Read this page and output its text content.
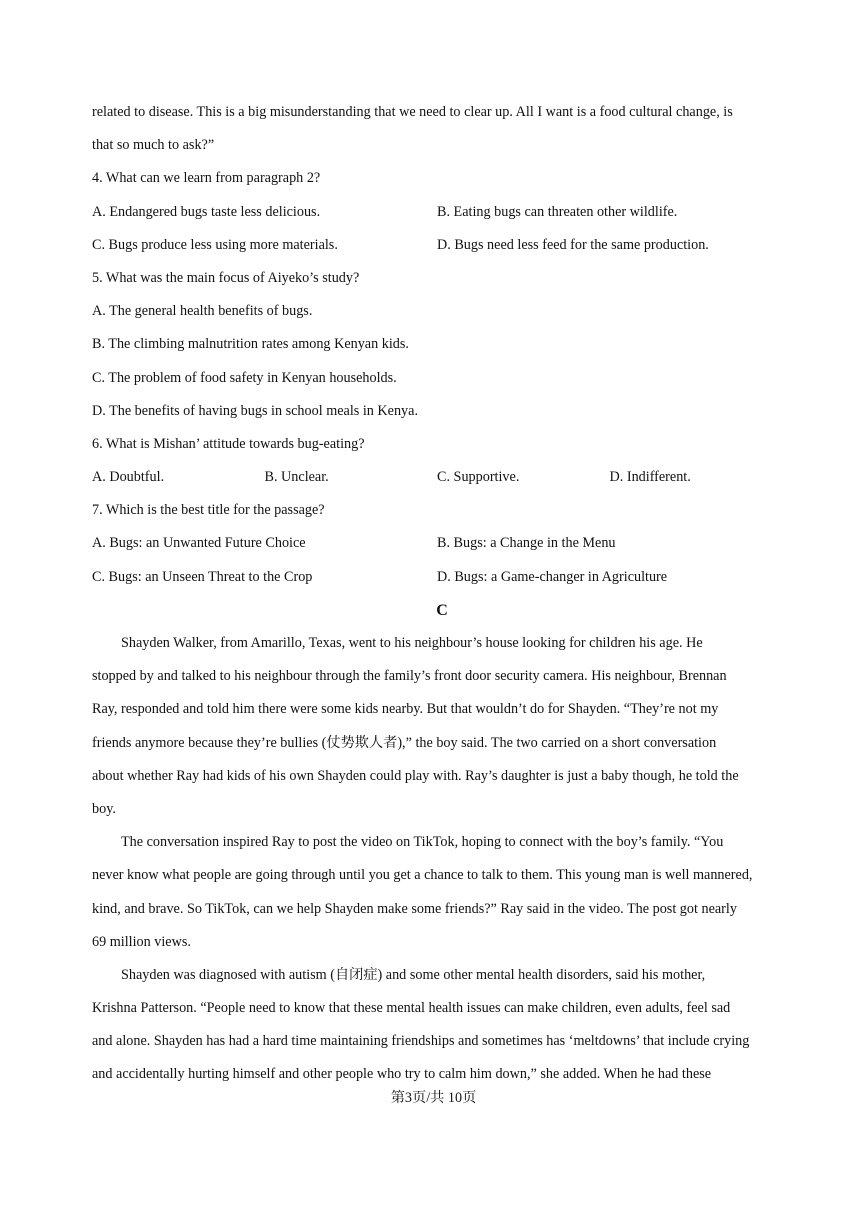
related to disease. This is a big misunderstanding that we need to clear up. All I want is a food cultural change, is
that so much to ask?”
4. What can we learn from paragraph 2?
A. Endangered bugs taste less delicious.	B. Eating bugs can threaten other wildlife.
C. Bugs produce less using more materials.	D. Bugs need less feed for the same production.
5. What was the main focus of Aiyeko’s study?
A. The general health benefits of bugs.
B. The climbing malnutrition rates among Kenyan kids.
C. The problem of food safety in Kenyan households.
D. The benefits of having bugs in school meals in Kenya.
6. What is Mishan’ attitude towards bug-eating?
A. Doubtful.	B. Unclear.	C. Supportive.	D. Indifferent.
7. Which is the best title for the passage?
A. Bugs: an Unwanted Future Choice	B. Bugs: a Change in the Menu
C. Bugs: an Unseen Threat to the Crop	D. Bugs: a Game-changer in Agriculture
C
Shayden Walker, from Amarillo, Texas, went to his neighbour’s house looking for children his age. He
stopped by and talked to his neighbour through the family’s front door security camera. His neighbour, Brennan
Ray, responded and told him there were some kids nearby. But that wouldn’t do for Shayden. “They’re not my
friends anymore because they’re bullies (仗势欺人者),” the boy said. The two carried on a short conversation
about whether Ray had kids of his own Shayden could play with. Ray’s daughter is just a baby though, he told the
boy.
The conversation inspired Ray to post the video on TikTok, hoping to connect with the boy’s family. “You
never know what people are going through until you get a chance to talk to them. This young man is well mannered,
kind, and brave. So TikTok, can we help Shayden make some friends?” Ray said in the video. The post got nearly
69 million views.
Shayden was diagnosed with autism (自闭症) and some other mental health disorders, said his mother,
Krishna Patterson. “People need to know that these mental health issues can make children, even adults, feel sad
and alone. Shayden has had a hard time maintaining friendships and sometimes has ‘meltdowns’ that include crying
and accidentally hurting himself and other people who try to calm him down,” she added. When he had these
第3页/共 10页
